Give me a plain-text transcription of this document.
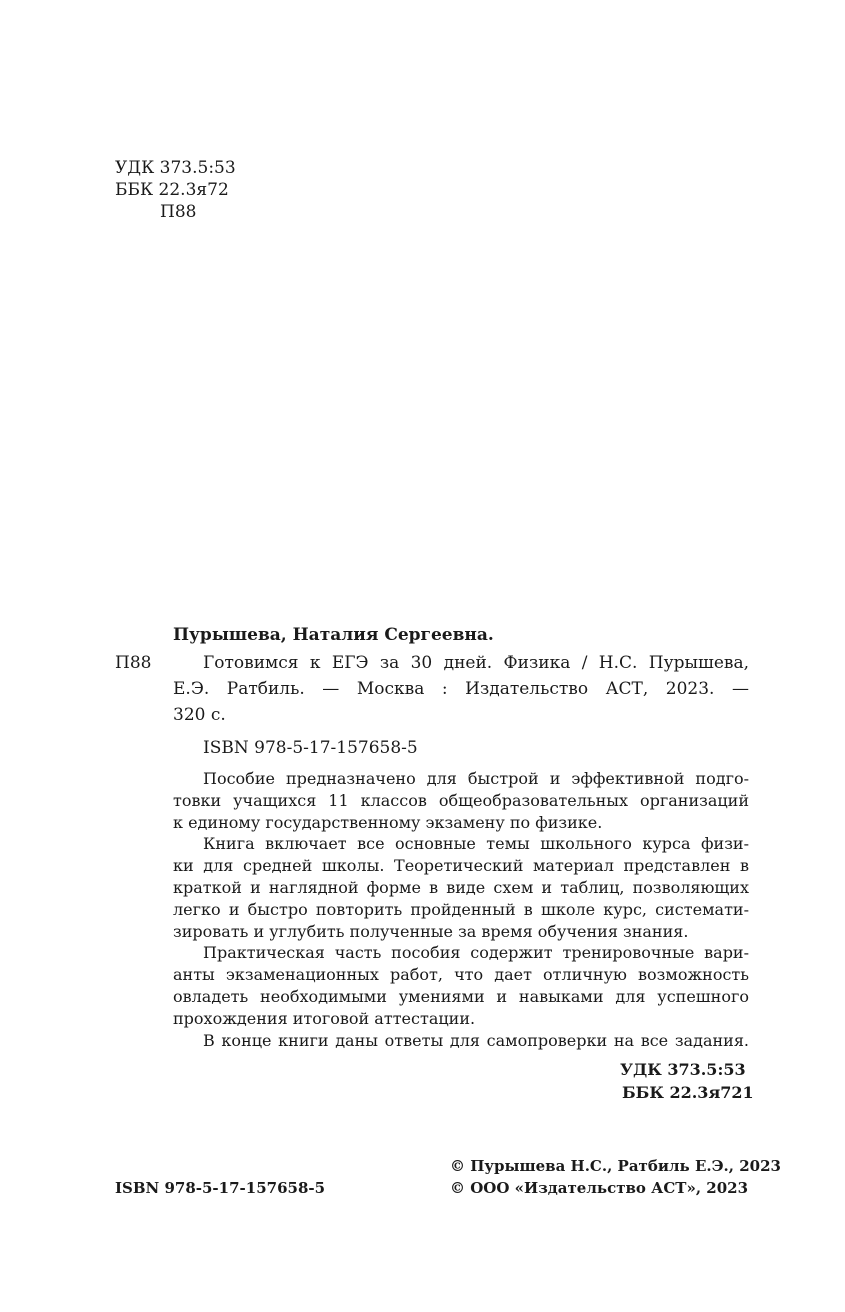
УДК 373.5:53
ББК 22.3я72
П88
Пурышева, Наталия Сергеевна.
П88	Готовимся к ЕГЭ за 30 дней. Физика / Н.С. Пурышева,
Е.Э. Ратбиль. — Москва : Издательство АСТ, 2023. —
320 с.
ISBN 978-5-17-157658-5
Пособие предназначено для быстрой и эффективной подго-
товки учащихся 11 классов общеобразовательных организаций
к единому государственному экзамену по физике.
Книга включает все основные темы школьного курса физи-
ки для средней школы. Теоретический материал представлен в
краткой и наглядной форме в виде схем и таблиц, позволяющих
легко и быстро повторить пройденный в школе курс, системати-
зировать и углубить полученные за время обучения знания.
Практическая часть пособия содержит тренировочные вари-
анты экзаменационных работ, что дает отличную возможность
овладеть необходимыми умениями и навыками для успешного
прохождения итоговой аттестации.
В конце книги даны ответы для самопроверки на все задания.
УДК 373.5:53
ББК 22.3я721
ISBN 978-5-17-157658-5
© Пурышева Н.С., Ратбиль Е.Э., 2023
© ООО «Издательство АСТ», 2023
